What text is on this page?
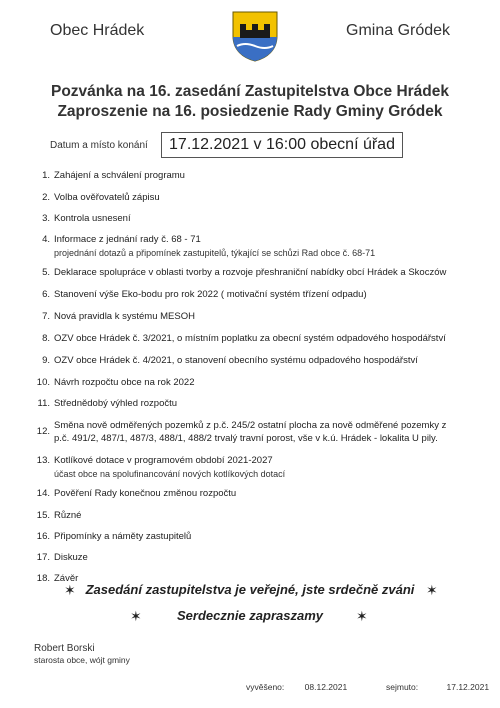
Obec Hrádek	Gmina Gródek
Pozvánka na 16. zasedání Zastupitelstva Obce Hrádek
Zaproszenie na 16. posiedzenie Rady Gminy Gródek
Datum a místo konání	17.12.2021 v 16:00 obecní úřad
1. Zahájení a schválení programu
2. Volba ověřovatelů zápisu
3. Kontrola usnesení
4. Informace z jednání rady č. 68 - 71
projednání dotazů a připomínek zastupitelů, týkající se schůzi Rad obce č. 68-71
5. Deklarace spolupráce v oblasti tvorby a rozvoje přeshraniční nabídky obcí Hrádek a Skoczów
6. Stanovení výše Eko-bodu pro rok 2022 ( motivační systém třízení odpadu)
7. Nová pravidla k systému MESOH
8. OZV obce Hrádek č. 3/2021, o místním poplatku za obecní systém odpadového hospodářství
9. OZV obce Hrádek č. 4/2021, o stanovení obecního systému odpadového hospodářství
10. Návrh rozpočtu obce na rok 2022
11. Střednědobý výhled rozpočtu
12.
Směna nově odměřených pozemků z p.č. 245/2 ostatní plocha za nově odměřené pozemky z p.č. 491/2, 487/1, 487/3, 488/1, 488/2 trvalý travní porost, vše v k.ú. Hrádek - lokalita U pily.
13. Kotlíkové dotace v programovém období 2021-2027
účast obce na spolufinancování nových kotlíkových dotací
14. Pověření Rady konečnou změnou rozpočtu
15. Různé
16. Připomínky a náměty zastupitelů
17. Diskuze
18. Závěr
✶ Zasedání zastupitelstva je veřejné, jste srdečně zváni ✶
✶	Serdecznie zapraszamy	✶
Robert Borski
starosta obce, wójt gminy
vyvěšeno: 08.12.2021	sejmuto:	17.12.2021
